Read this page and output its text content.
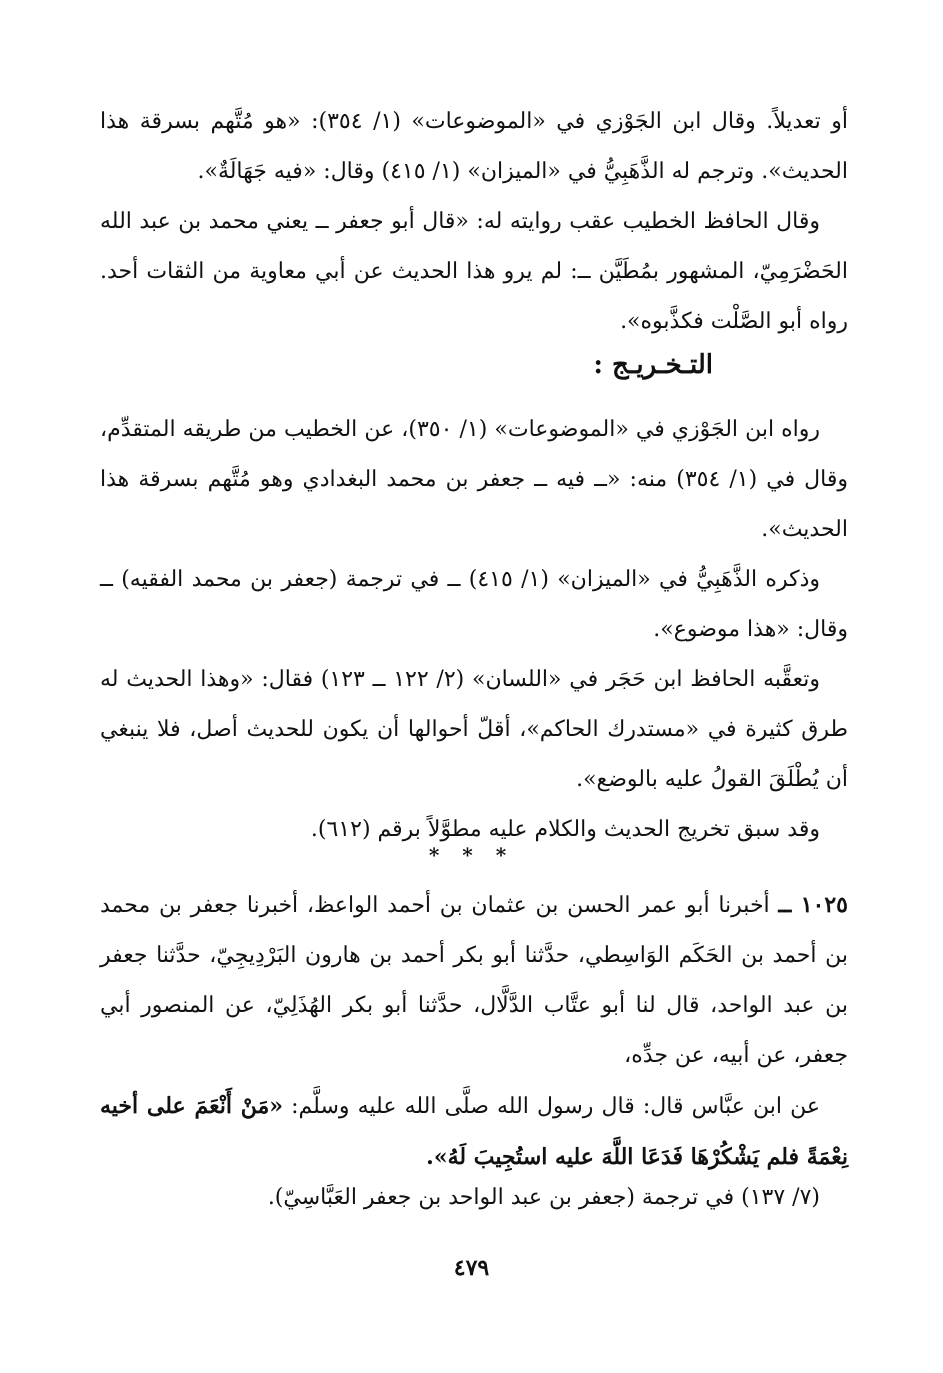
أو تعديلاً. وقال ابن الجَوْزي في «الموضوعات» (١/ ٣٥٤): «هو مُتَّهم بسرقة هذا الحديث». وترجم له الذَّهَبِيُّ في «الميزان» (١/ ٤١٥) وقال: «فيه جَهَالَةٌ».

وقال الحافظ الخطيب عقب روايته له: «قال أبو جعفر ــ يعني محمد بن عبد الله الحَضْرَمِيّ، المشهور بمُطَيَّن ــ: لم يرو هذا الحديث عن أبي معاوية من الثقات أحد. رواه أبو الصَّلْت فكذَّبوه».

التـخـريـج :

رواه ابن الجَوْزي في «الموضوعات» (١/ ٣٥٠)، عن الخطيب من طريقه المتقدِّم، وقال في (١/ ٣٥٤) منه: «ــ فيه ــ جعفر بن محمد البغدادي وهو مُتَّهم بسرقة هذا الحديث».

وذكره الذَّهَبِيُّ في «الميزان» (١/ ٤١٥) ــ في ترجمة (جعفر بن محمد الفقيه) ــ وقال: «هذا موضوع».

وتعقَّبه الحافظ ابن حَجَر في «اللسان» (٢/ ١٢٢ ــ ١٢٣) فقال: «وهذا الحديث له طرق كثيرة في «مستدرك الحاكم»، أقلّ أحوالها أن يكون للحديث أصل، فلا ينبغي أن يُطْلَقَ القولُ عليه بالوضع».

وقد سبق تخريج الحديث والكلام عليه مطوَّلاً برقم (٦١٢).

* * *

١٠٢٥ ــ أخبرنا أبو عمر الحسن بن عثمان بن أحمد الواعظ، أخبرنا جعفر بن محمد بن أحمد بن الحَكَم الوَاسِطي، حدَّثنا أبو بكر أحمد بن هارون البَرْدِيجِيّ، حدَّثنا جعفر بن عبد الواحد، قال لنا أبو عتَّاب الدَّلَّال، حدَّثنا أبو بكر الهُذَلِيّ، عن المنصور أبي جعفر، عن أبيه، عن جدِّه،

عن ابن عبَّاس قال: قال رسول الله صلَّى الله عليه وسلَّم: «مَنْ أَنْعَمَ على أخيه نِعْمَةً فلم يَشْكُرْهَا فَدَعَا اللَّهَ عليه استُجِيبَ لَهُ».

(٧/ ١٣٧) في ترجمة (جعفر بن عبد الواحد بن جعفر العَبَّاسِيّ).

٤٧٩
